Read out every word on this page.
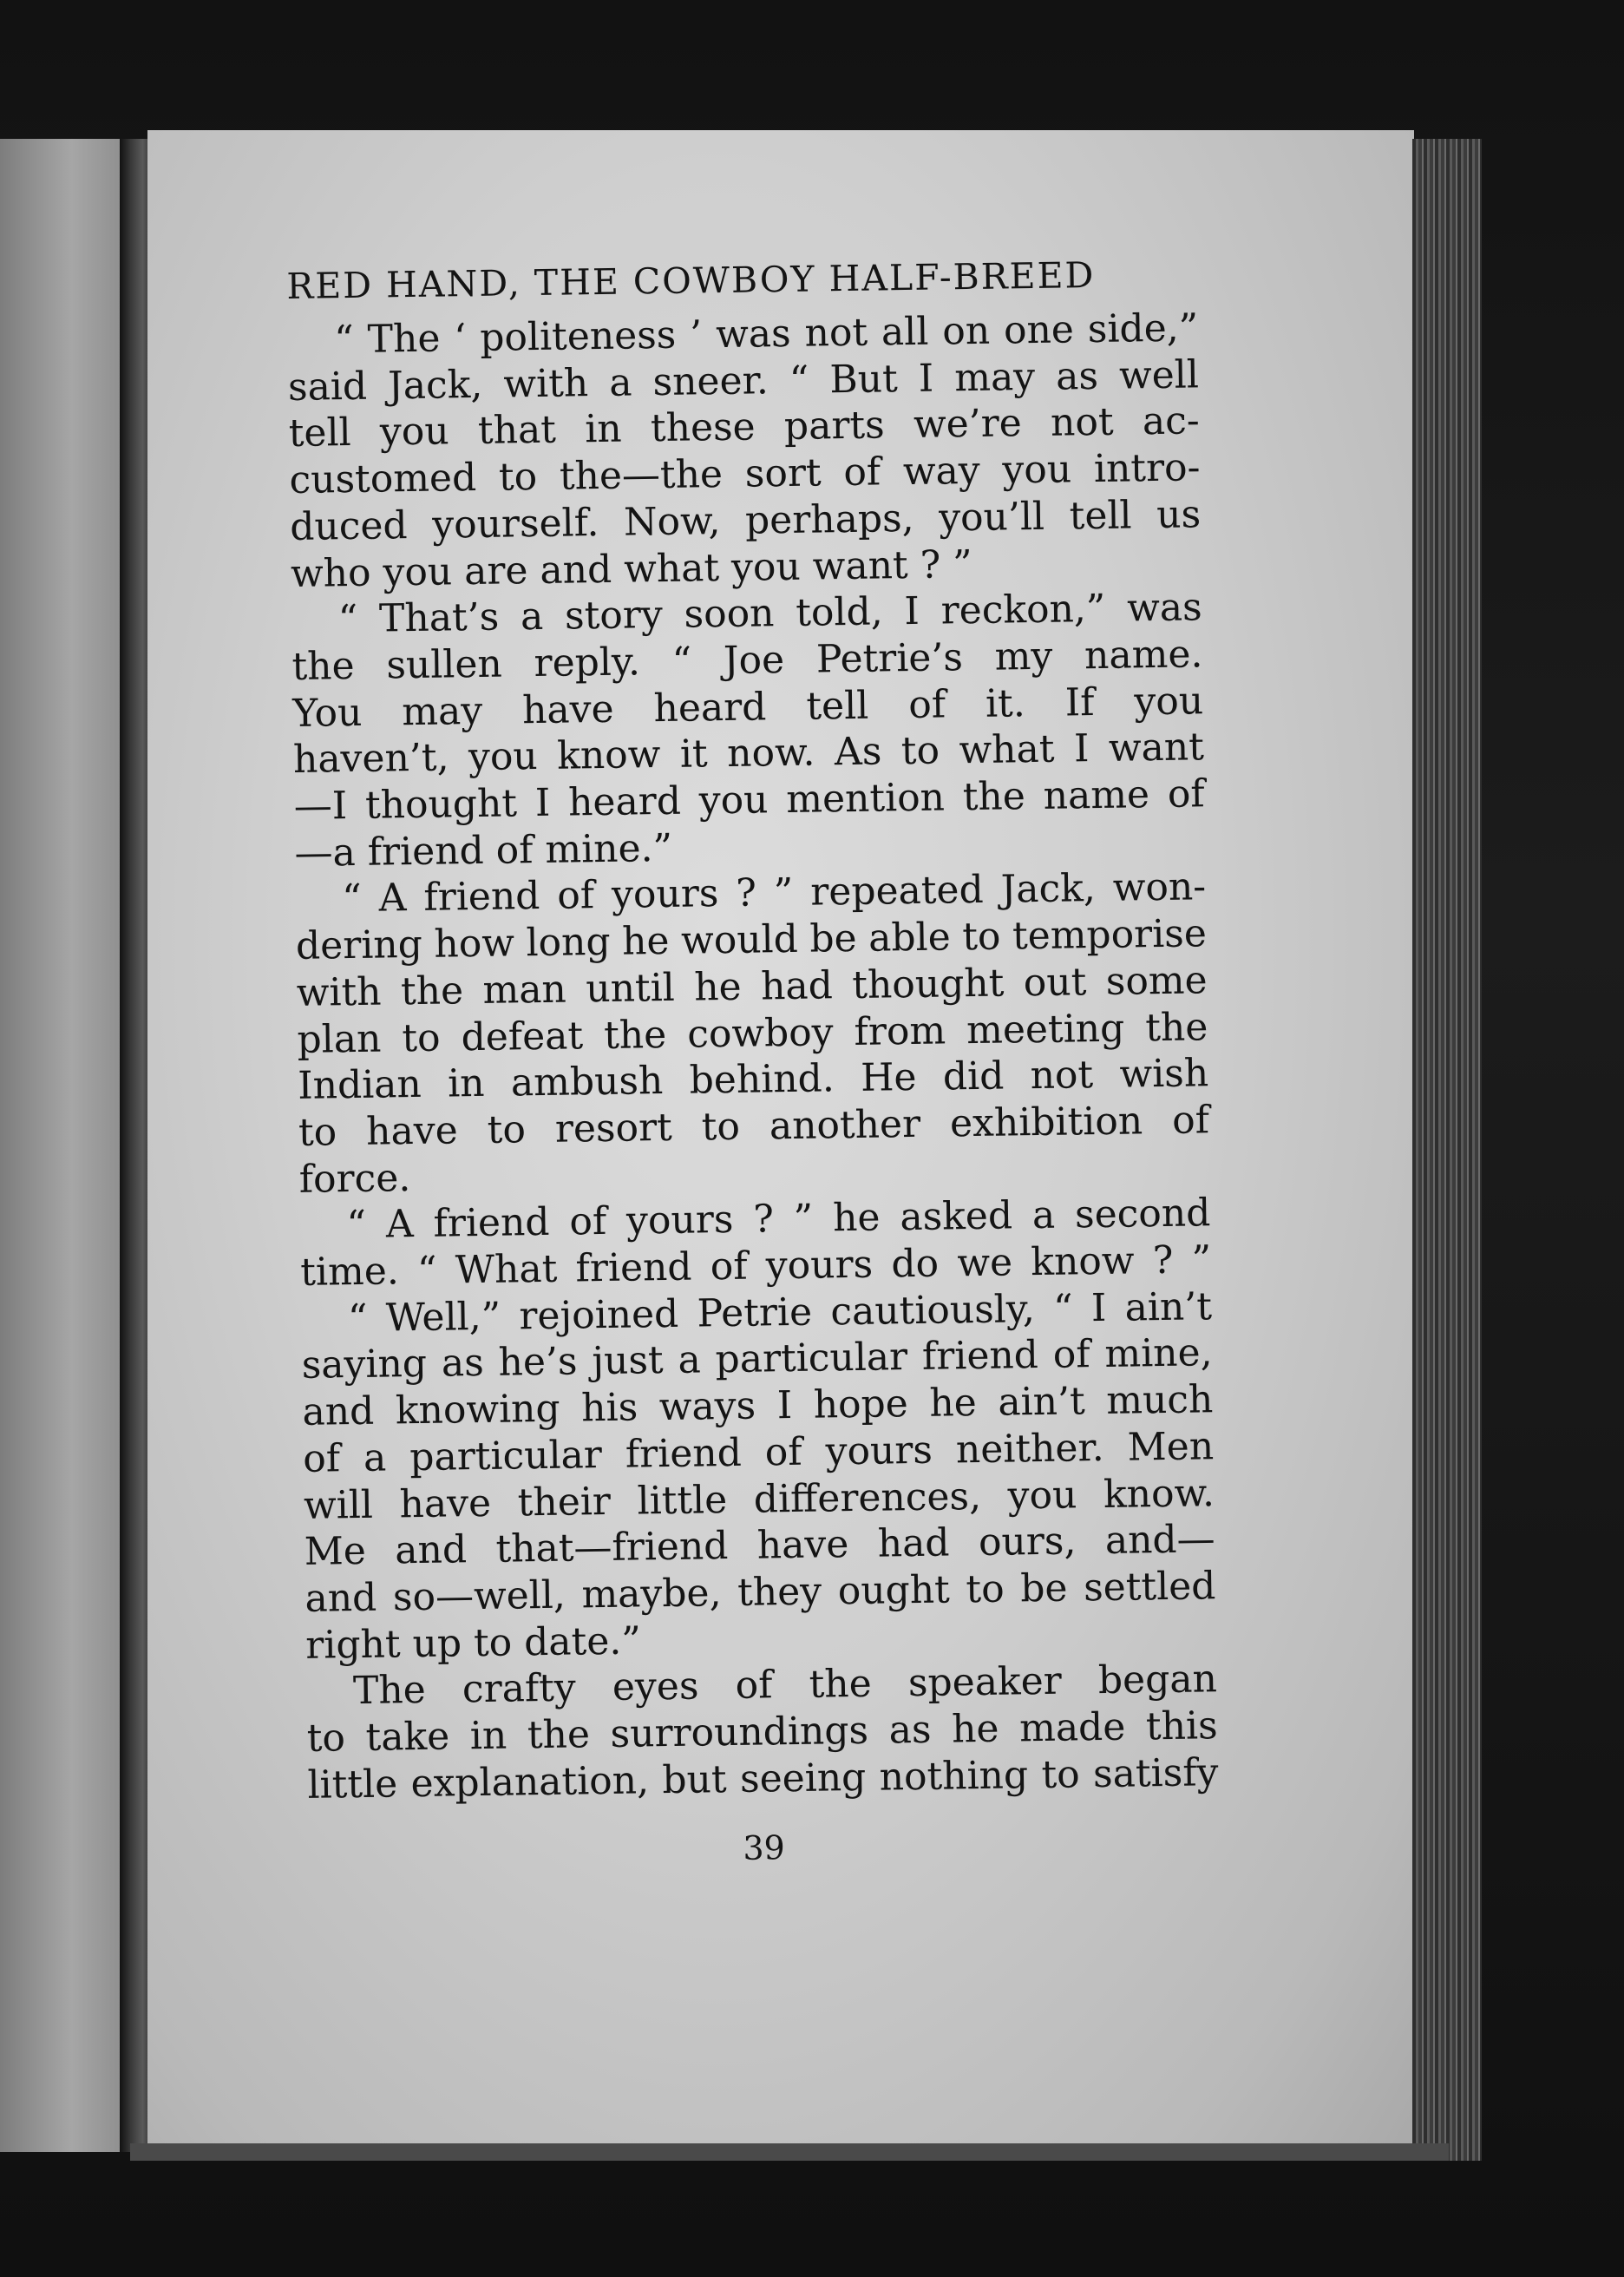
RED HAND, THE COWBOY HALF-BREED
“ The ‘ politeness ’ was not all on one side,”
said Jack, with a sneer. “ But I may as well
tell you that in these parts we’re not ac-
customed to the—the sort of way you intro-
duced yourself. Now, perhaps, you’ll tell us
who you are and what you want ? ”
“ That’s a story soon told, I reckon,” was
the sullen reply. “ Joe Petrie’s my name.
You may have heard tell of it. If you
haven’t, you know it now. As to what I want
—I thought I heard you mention the name of
—a friend of mine.”
“ A friend of yours ? ” repeated Jack, won-
dering how long he would be able to temporise
with the man until he had thought out some
plan to defeat the cowboy from meeting the
Indian in ambush behind. He did not wish
to have to resort to another exhibition of
force.
“ A friend of yours ? ” he asked a second
time. “ What friend of yours do we know ? ”
“ Well,” rejoined Petrie cautiously, “ I ain’t
saying as he’s just a particular friend of mine,
and knowing his ways I hope he ain’t much
of a particular friend of yours neither. Men
will have their little differences, you know.
Me and that—friend have had ours, and—
and so—well, maybe, they ought to be settled
right up to date.”
The crafty eyes of the speaker began
to take in the surroundings as he made this
little explanation, but seeing nothing to satisfy
39
